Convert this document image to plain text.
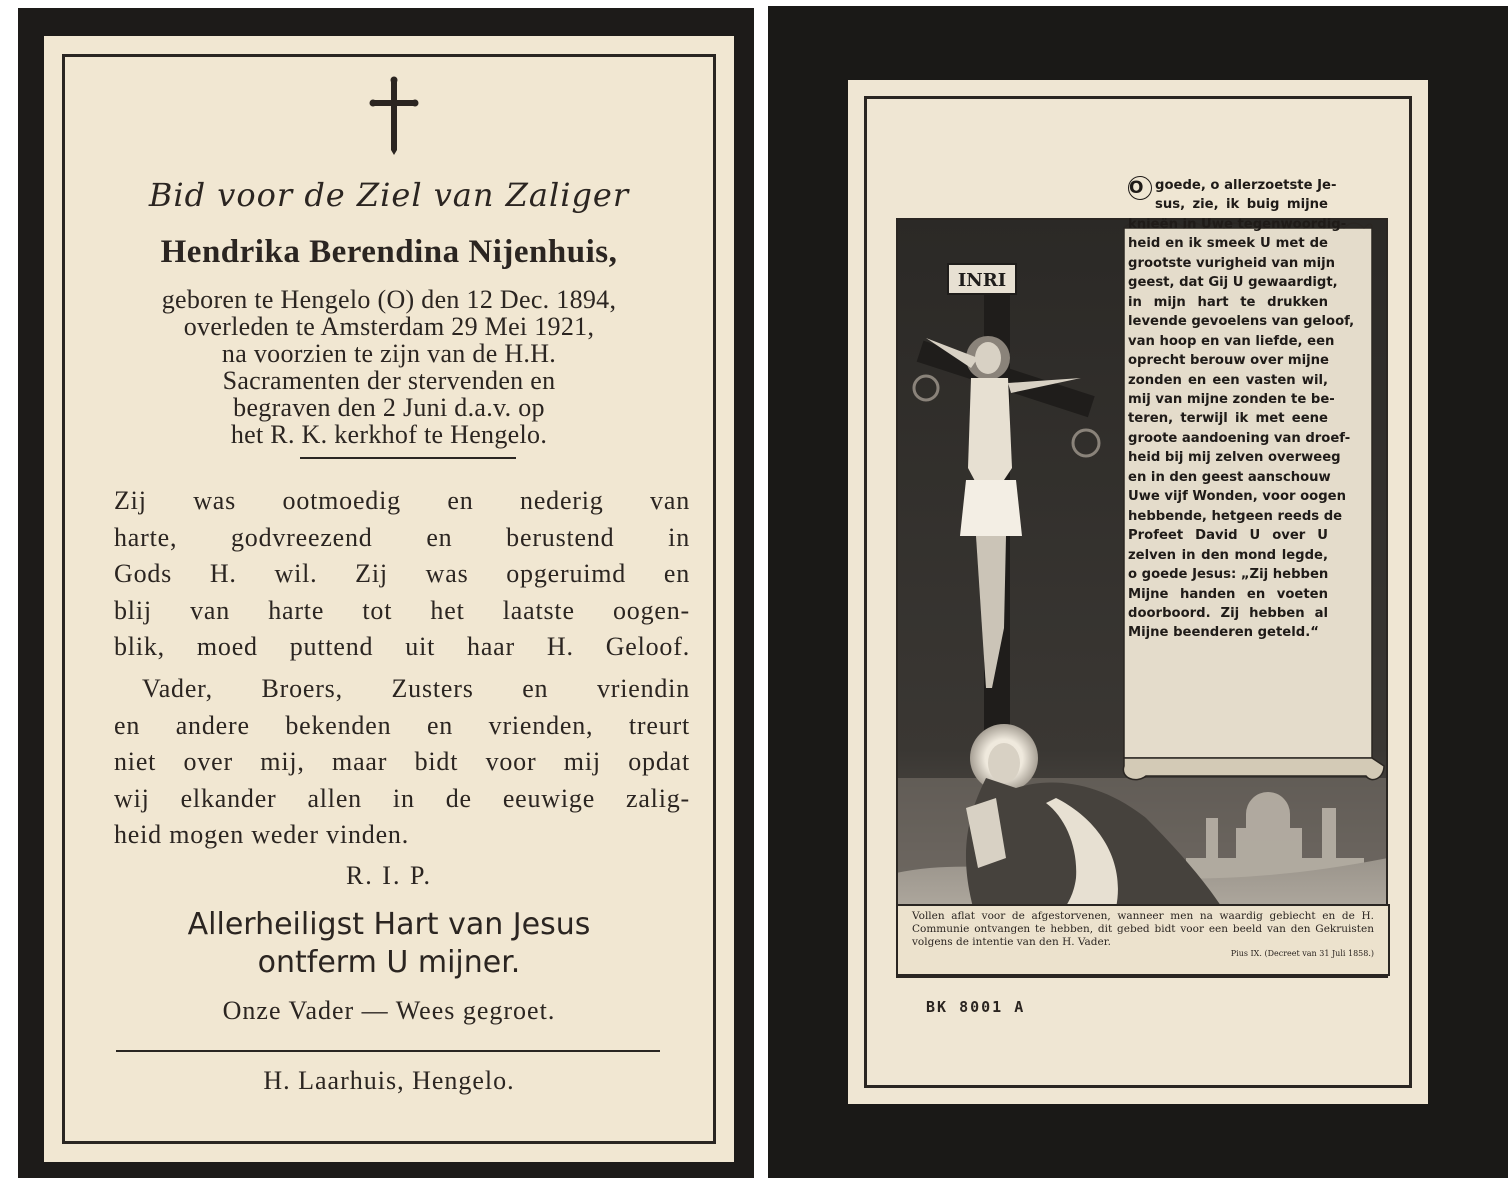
Bid voor de Ziel van Zaliger
Hendrika Berendina Nijenhuis,
geboren te Hengelo (O) den 12 Dec. 1894,
overleden te Amsterdam 29 Mei 1921,
na voorzien te zijn van de H.H.
Sacramenten der stervenden en
begraven den 2 Juni d.a.v. op
het R. K. kerkhof te Hengelo.
Zij was ootmoedig en nederig van
harte, godvreezend en berustend in
Gods H. wil. Zij was opgeruimd en
blij van harte tot het laatste oogen-
blik, moed puttend uit haar H. Geloof.
Vader, Broers, Zusters en vriendin
en andere bekenden en vrienden, treurt
niet over mij, maar bidt voor mij opdat
wij elkander allen in de eeuwige zalig-
heid mogen weder vinden.
R. I. P.
Allerheiligst Hart van Jesus
ontferm U mijner.
Onze Vader — Wees gegroet.
H. Laarhuis, Hengelo.
INRI
O goede, o allerzoetste Je-
sus, zie, ik buig mijne
knieën in Uwe tegenwoordig-
heid en ik smeek U met de
grootste vurigheid van mijn
geest, dat Gij U gewaardigt,
in mijn hart te drukken
levende gevoelens van geloof,
van hoop en van liefde, een
oprecht berouw over mijne
zonden en een vasten wil,
mij van mijne zonden te be-
teren, terwijl ik met eene
groote aandoening van droef-
heid bij mij zelven overweeg
en in den geest aanschouw
Uwe vijf Wonden, voor oogen
hebbende, hetgeen reeds de
Profeet David U over U
zelven in den mond legde,
o goede Jesus: „Zij hebben
Mijne handen en voeten
doorboord. Zij hebben al
Mijne beenderen geteld.“
Vollen aflat voor de afgestorvenen, wanneer men na waardig gebiecht en de H. Communie ontvangen te hebben, dit gebed bidt voor een beeld van den Gekruisten volgens de intentie van den H. Vader.
Pius IX. (Decreet van 31 Juli 1858.)
BK 8001 A
